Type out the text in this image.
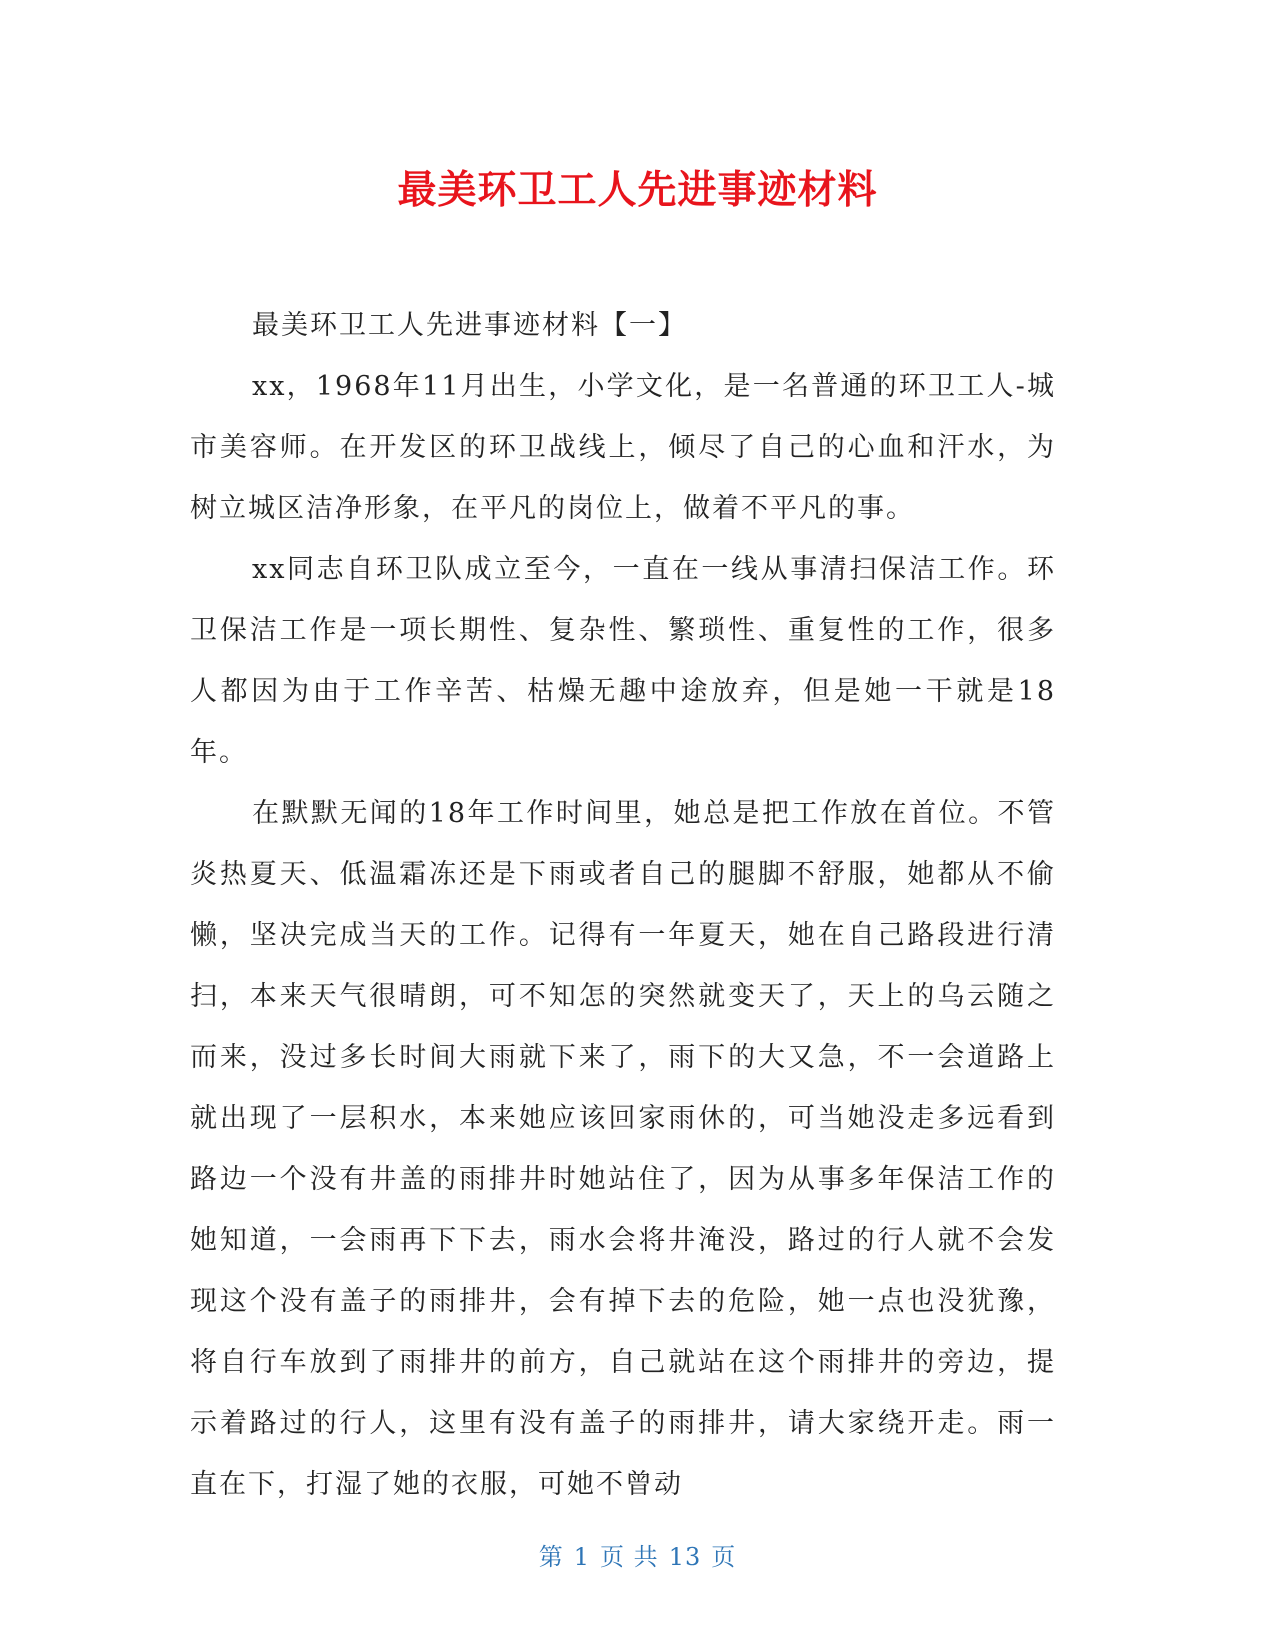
最美环卫工人先进事迹材料

最美环卫工人先进事迹材料【一】

xx，1968年11月出生，小学文化，是一名普通的环卫工人-城市美容师。在开发区的环卫战线上，倾尽了自己的心血和汗水，为树立城区洁净形象，在平凡的岗位上，做着不平凡的事。

xx同志自环卫队成立至今，一直在一线从事清扫保洁工作。环卫保洁工作是一项长期性、复杂性、繁琐性、重复性的工作，很多人都因为由于工作辛苦、枯燥无趣中途放弃，但是她一干就是18年。

在默默无闻的18年工作时间里，她总是把工作放在首位。不管炎热夏天、低温霜冻还是下雨或者自己的腿脚不舒服，她都从不偷懒，坚决完成当天的工作。记得有一年夏天，她在自己路段进行清扫，本来天气很晴朗，可不知怎的突然就变天了，天上的乌云随之而来，没过多长时间大雨就下来了，雨下的大又急，不一会道路上就出现了一层积水，本来她应该回家雨休的，可当她没走多远看到路边一个没有井盖的雨排井时她站住了，因为从事多年保洁工作的她知道，一会雨再下下去，雨水会将井淹没，路过的行人就不会发现这个没有盖子的雨排井，会有掉下去的危险，她一点也没犹豫，将自行车放到了雨排井的前方，自己就站在这个雨排井的旁边，提示着路过的行人，这里有没有盖子的雨排井，请大家绕开走。雨一直在下，打湿了她的衣服，可她不曾动

第 1 页 共 13 页
